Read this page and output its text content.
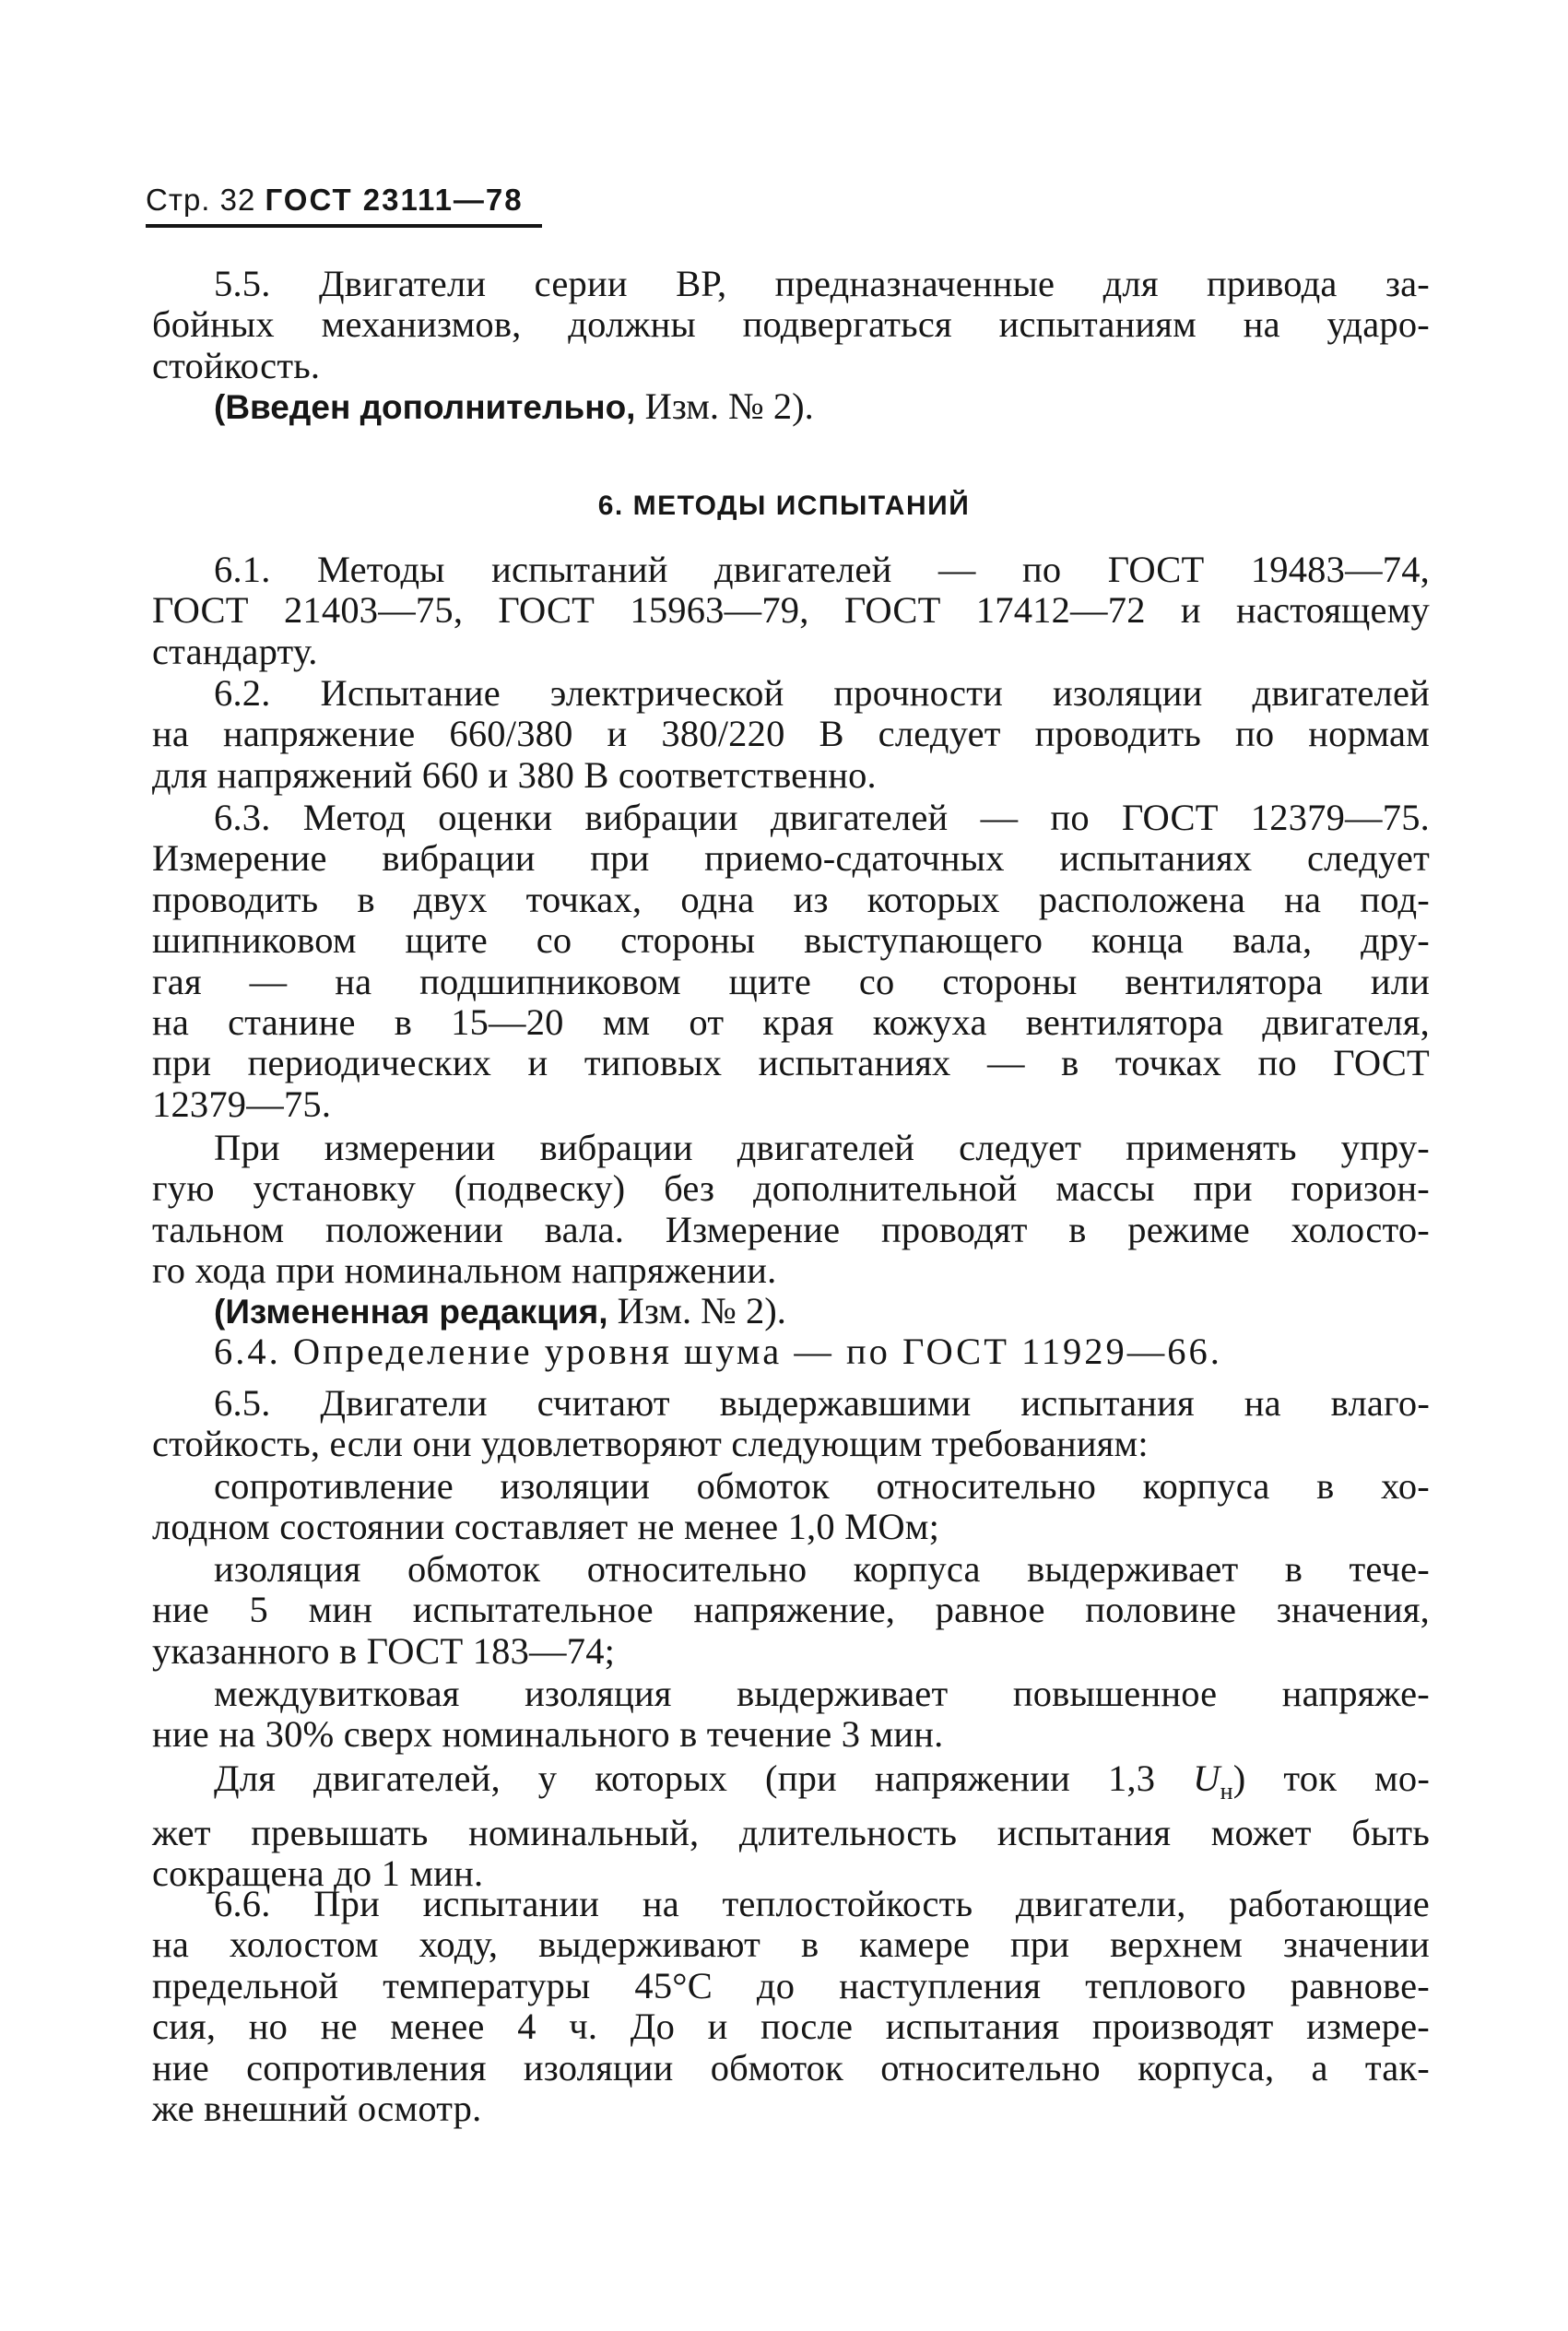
Стр. 32 ГОСТ 23111—78
5.5. Двигатели серии ВР, предназначенные для привода за-
бойных механизмов, должны подвергаться испытаниям на ударо-
стойкость.
(Введен дополнительно, Изм. № 2).
6. МЕТОДЫ ИСПЫТАНИЙ
6.1. Методы испытаний двигателей — по ГОСТ 19483—74,
ГОСТ 21403—75, ГОСТ 15963—79, ГОСТ 17412—72 и настоящему
стандарту.
6.2. Испытание электрической прочности изоляции двигателей
на напряжение 660/380 и 380/220 В следует проводить по нормам
для напряжений 660 и 380 В соответственно.
6.3. Метод оценки вибрации двигателей — по ГОСТ 12379—75.
Измерение вибрации при приемо-сдаточных испытаниях следует
проводить в двух точках, одна из которых расположена на под-
шипниковом щите со стороны выступающего конца вала, дру-
гая — на подшипниковом щите со стороны вентилятора или
на станине в 15—20 мм от края кожуха вентилятора двигателя,
при периодических и типовых испытаниях — в точках по ГОСТ
12379—75.
При измерении вибрации двигателей следует применять упру-
гую установку (подвеску) без дополнительной массы при горизон-
тальном положении вала. Измерение проводят в режиме холосто-
го хода при номинальном напряжении.
(Измененная редакция, Изм. № 2).
6.4. Определение уровня шума — по ГОСТ 11929—66.
6.5. Двигатели считают выдержавшими испытания на влаго-
стойкость, если они удовлетворяют следующим требованиям:
сопротивление изоляции обмоток относительно корпуса в хо-
лодном состоянии составляет не менее 1,0 МОм;
изоляция обмоток относительно корпуса выдерживает в тече-
ние 5 мин испытательное напряжение, равное половине значения,
указанного в ГОСТ 183—74;
междувитковая изоляция выдерживает повышенное напряже-
ние на 30% сверх номинального в течение 3 мин.
Для двигателей, у которых (при напряжении 1,3 $U_н$) ток мо-
жет превышать номинальный, длительность испытания может быть
сокращена до 1 мин.
6.6. При испытании на теплостойкость двигатели, работающие
на холостом ходу, выдерживают в камере при верхнем значении
предельной температуры 45°С до наступления теплового равнове-
сия, но не менее 4 ч. До и после испытания производят измере-
ние сопротивления изоляции обмоток относительно корпуса, а так-
же внешний осмотр.
